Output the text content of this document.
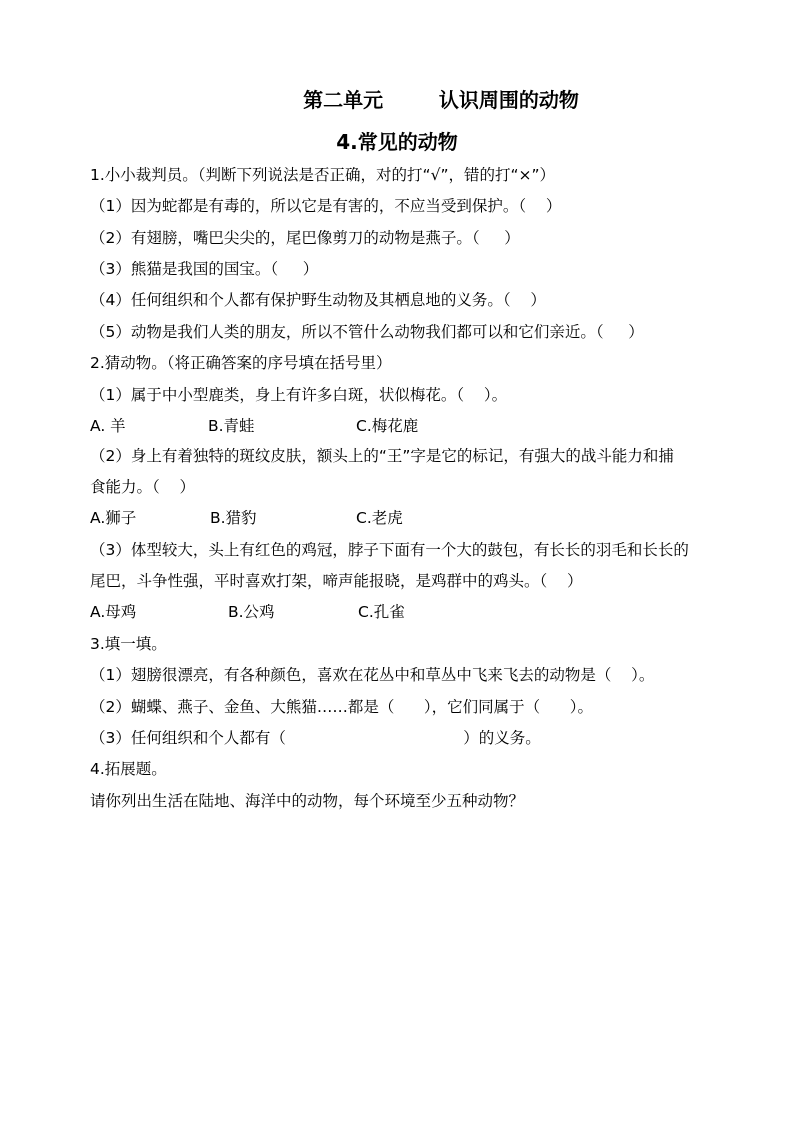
第二单元        认识周围的动物
4.常见的动物
1.小小裁判员。（判断下列说法是否正确，对的打“√”，错的打“×”）
（1）因为蛇都是有毒的，所以它是有害的，不应当受到保护。（    ）
（2）有翅膀，嘴巴尖尖的，尾巴像剪刀的动物是燕子。（     ）
（3）熊猫是我国的国宝。（     ）
（4）任何组织和个人都有保护野生动物及其栖息地的义务。（    ）
（5）动物是我们人类的朋友，所以不管什么动物我们都可以和它们亲近。（     ）
2.猜动物。（将正确答案的序号填在括号里）
（1）属于中小型鹿类，身上有许多白斑，状似梅花。（    ）。
A. 羊	B.青蛙	C.梅花鹿
（2）身上有着独特的斑纹皮肤，额头上的“王”字是它的标记，有强大的战斗能力和捕
食能力。（    ）
A.狮子	B.猎豹	C.老虎
（3）体型较大，头上有红色的鸡冠，脖子下面有一个大的鼓包，有长长的羽毛和长长的
尾巴，斗争性强，平时喜欢打架，啼声能报晓，是鸡群中的鸡头。（    ）
A.母鸡	B.公鸡	C.孔雀
3.填一填。
（1）翅膀很漂亮，有各种颜色，喜欢在花丛中和草丛中飞来飞去的动物是（    ）。
（2）蝴蝶、燕子、金鱼、大熊猫……都是（      ），它们同属于（      ）。
（3）任何组织和个人都有（                                    ）的义务。
4.拓展题。
请你列出生活在陆地、海洋中的动物，每个环境至少五种动物？
